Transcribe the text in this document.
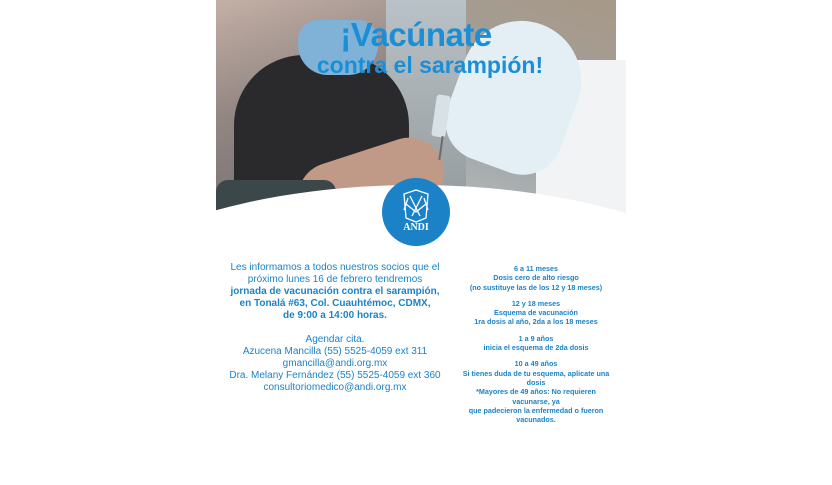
¡Vacúnate
contra el sarampión!
ANDI

Les informamos a todos nuestros socios que el

próximo lunes 16 de febrero tendremos

jornada de vacunación contra el sarampión,

en Tonalá #63, Col. Cuauhtémoc, CDMX,

de 9:00 a 14:00 horas.

Agendar cita.

Azucena Mancilla (55) 5525-4059 ext 311

gmancilla@andi.org.mx

Dra. Melany Fernández (55) 5525-4059 ext 360

consultoriomedico@andi.org.mx

6 a 11 meses

Dosis cero de alto riesgo

(no sustituye las de los 12 y 18 meses)

12 y 18 meses

Esquema de vacunación

1ra dosis al año, 2da a los 18 meses

1 a 9 años

inicia el esquema de 2da dosis

10 a 49 años

Si tienes duda de tu esquema, aplicate una dosis

*Mayores de 49 años: No requieren vacunarse, ya

que padecieron la enfermedad o fueron

vacunados.
